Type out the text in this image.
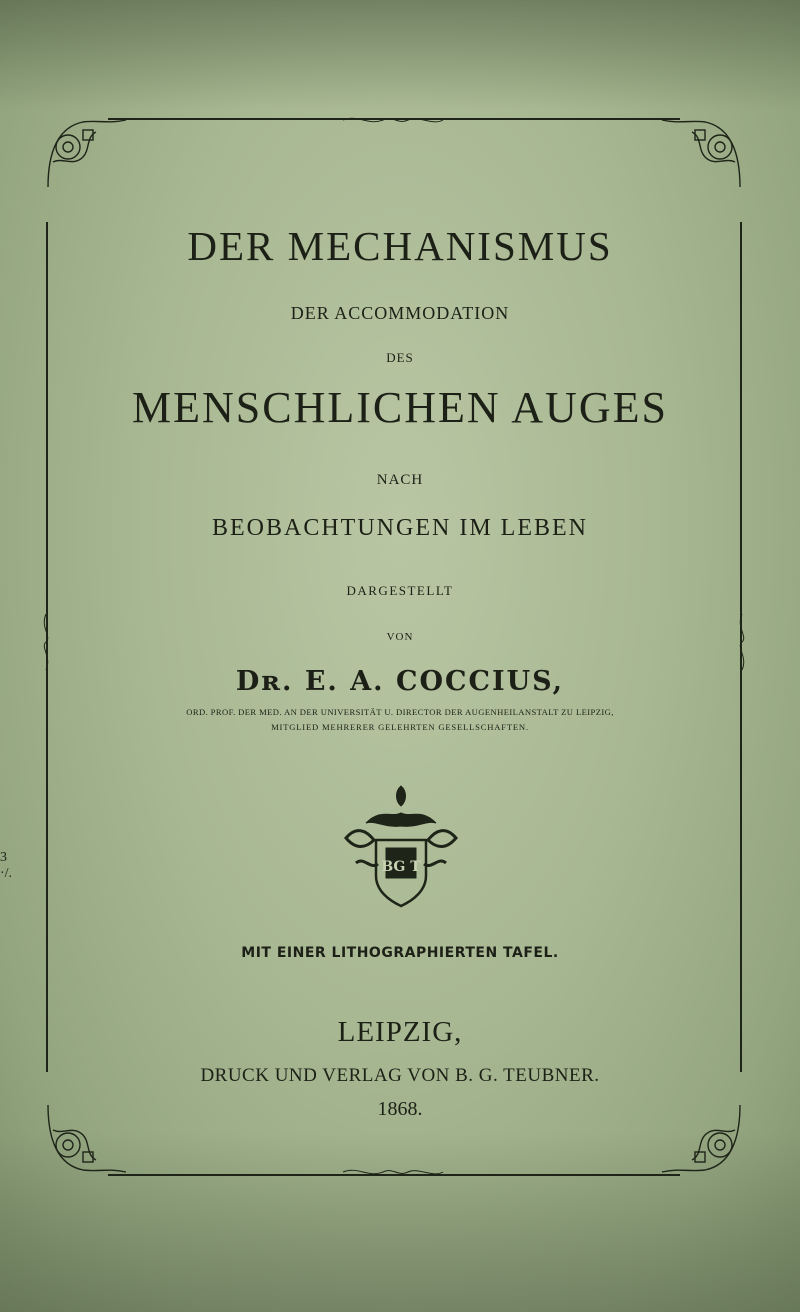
DER MECHANISMUS
DER ACCOMMODATION
DES
MENSCHLICHEN AUGES
NACH
BEOBACHTUNGEN IM LEBEN
DARGESTELLT
VON
Dʀ. E. A. COCCIUS,
ORD. PROF. DER MED. AN DER UNIVERSITÄT U. DIRECTOR DER AUGENHEILANSTALT ZU LEIPZIG,
MITGLIED MEHRERER GELEHRTEN GESELLSCHAFTEN.
BG T
MIT EINER LITHOGRAPHIERTEN TAFEL.
LEIPZIG,
DRUCK UND VERLAG VON B. G. TEUBNER.
1868.
3
·/.
